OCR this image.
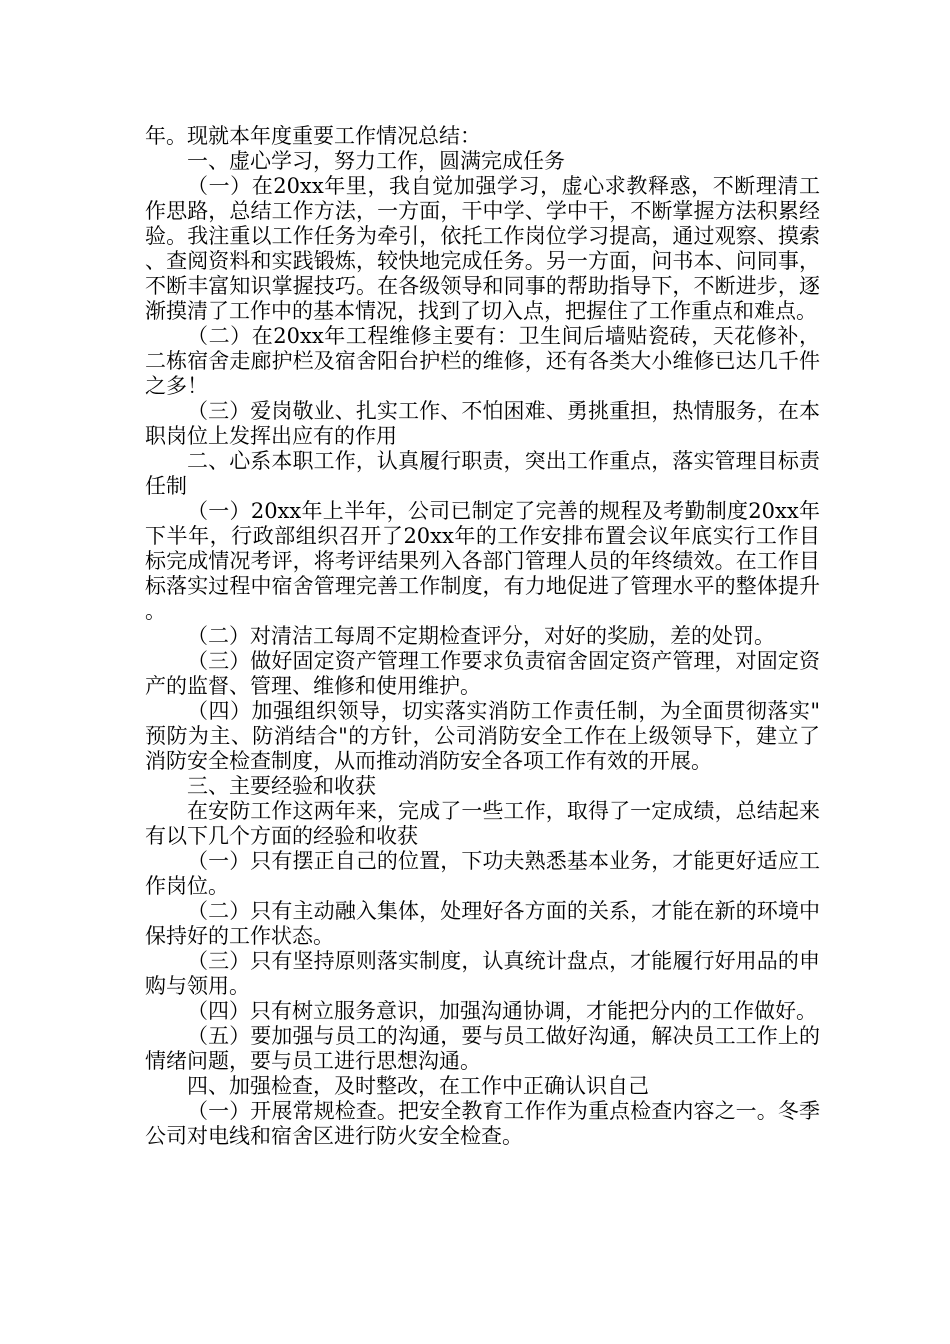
年。现就本年度重要工作情况总结：

一、虚心学习，努力工作，圆满完成任务

（一）在20xx年里，我自觉加强学习，虚心求教释惑，不断理清工作思路，总结工作方法，一方面，干中学、学中干，不断掌握方法积累经验。我注重以工作任务为牵引，依托工作岗位学习提高，通过观察、摸索、查阅资料和实践锻炼，较快地完成任务。另一方面，问书本、问同事，不断丰富知识掌握技巧。在各级领导和同事的帮助指导下，不断进步，逐渐摸清了工作中的基本情况，找到了切入点，把握住了工作重点和难点。

（二）在20xx年工程维修主要有：卫生间后墙贴瓷砖，天花修补，二栋宿舍走廊护栏及宿舍阳台护栏的维修，还有各类大小维修已达几千件之多！

（三）爱岗敬业、扎实工作、不怕困难、勇挑重担，热情服务，在本职岗位上发挥出应有的作用

二、心系本职工作，认真履行职责，突出工作重点，落实管理目标责任制

（一）20xx年上半年，公司已制定了完善的规程及考勤制度20xx年下半年，行政部组织召开了20xx年的工作安排布置会议年底实行工作目标完成情况考评，将考评结果列入各部门管理人员的年终绩效。在工作目标落实过程中宿舍管理完善工作制度，有力地促进了管理水平的整体提升。

（二）对清洁工每周不定期检查评分，对好的奖励，差的处罚。

（三）做好固定资产管理工作要求负责宿舍固定资产管理，对固定资产的监督、管理、维修和使用维护。

（四）加强组织领导，切实落实消防工作责任制，为全面贯彻落实"预防为主、防消结合"的方针，公司消防安全工作在上级领导下，建立了消防安全检查制度，从而推动消防安全各项工作有效的开展。

三、主要经验和收获

在安防工作这两年来，完成了一些工作，取得了一定成绩，总结起来有以下几个方面的经验和收获

（一）只有摆正自己的位置，下功夫熟悉基本业务，才能更好适应工作岗位。

（二）只有主动融入集体，处理好各方面的关系，才能在新的环境中保持好的工作状态。

（三）只有坚持原则落实制度，认真统计盘点，才能履行好用品的申购与领用。

（四）只有树立服务意识，加强沟通协调，才能把分内的工作做好。

（五）要加强与员工的沟通，要与员工做好沟通，解决员工工作上的情绪问题，要与员工进行思想沟通。

四、加强检查，及时整改，在工作中正确认识自己

（一）开展常规检查。把安全教育工作作为重点检查内容之一。冬季公司对电线和宿舍区进行防火安全检查。
